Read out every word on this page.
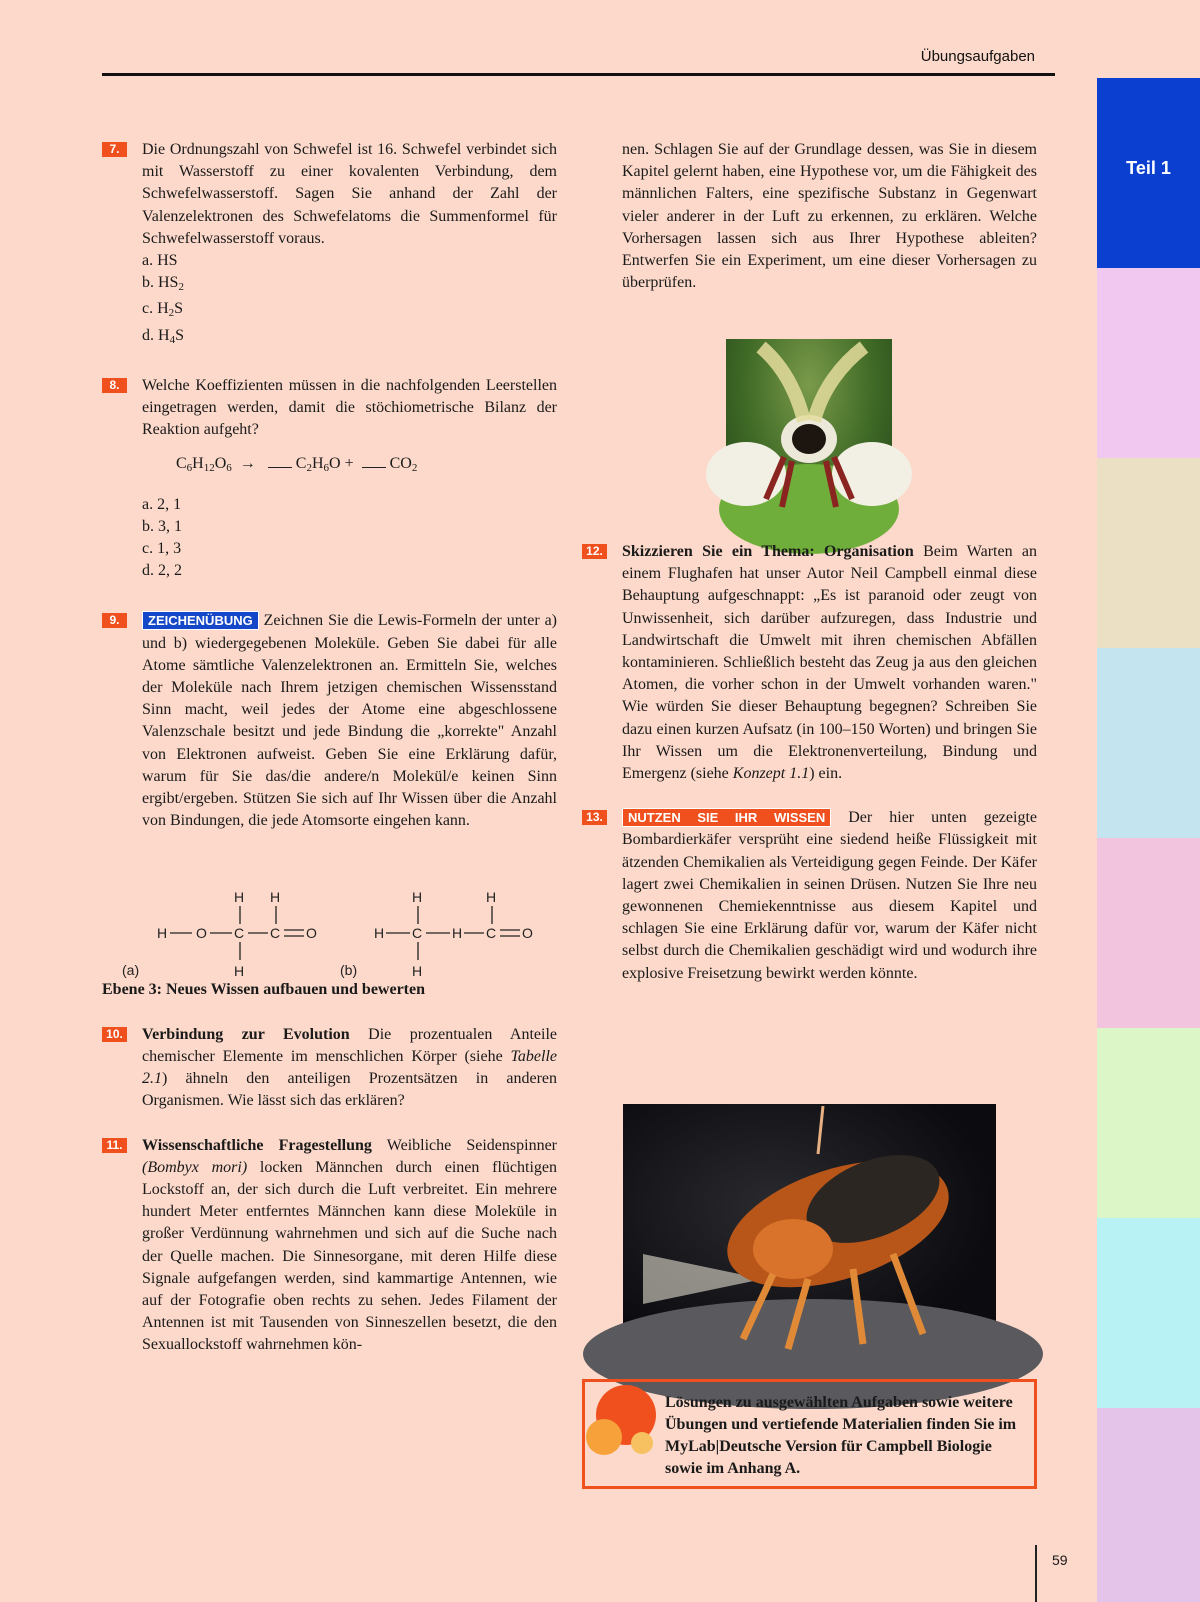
Übungsaufgaben
Teil 1
7.	Die Ordnungszahl von Schwefel ist 16. Schwefel verbindet sich mit Wasserstoff zu einer kovalenten Verbindung, dem Schwefelwasserstoff. Sagen Sie anhand der Zahl der Valenzelektronen des Schwefelatoms die Summenformel für Schwefelwasserstoff voraus.

a. HS
b. $HS_2$
c. $H_2S$
d. $H_4S$
8.	Welche Koeffizienten müssen in die nachfolgenden Leerstellen eingetragen werden, damit die stöchiometrische Bilanz der Reaktion aufgeht?

$C_6H_{12}O_6$ →	$C_2H_6O + CO_2$
a. 2, 1
b. 3, 1
c. 1, 3
d. 2, 2
9.	ZEICHENÜBUNG Zeichnen Sie die Lewis-Formeln der unter a) und b) wiedergegebenen Moleküle. Geben Sie dabei für alle Atome sämtliche Valenzelektronen an. Ermitteln Sie, welches der Moleküle nach Ihrem jetzigen chemischen Wissensstand Sinn macht, weil jedes der Atome eine abgeschlossene Valenzschale besitzt und jede Bindung die „korrekte" Anzahl von Elektronen aufweist. Geben Sie eine Erklärung dafür, warum für Sie das/die andere/n Molekül/e keinen Sinn ergibt/ergeben. Stützen Sie sich auf Ihr Wissen über die Anzahl von Bindungen, die jede Atomsorte eingehen kann.

(a)
H O C C O
H H
H	(b)
H C H C O
H	H
H
Ebene 3: Neues Wissen aufbauen und bewerten
10. Verbindung zur Evolution Die prozentualen Anteile chemischer Elemente im menschlichen Körper (siehe Tabelle 2.1) ähneln den anteiligen Prozentsätzen in anderen Organismen. Wie lässt sich das erklären?

11. Wissenschaftliche Fragestellung Weibliche Seidenspinner (Bombyx mori) locken Männchen durch einen flüchtigen Lockstoff an, der sich durch die Luft verbreitet. Ein mehrere hundert Meter entferntes Männchen kann diese Moleküle in großer Verdünnung wahrnehmen und sich auf die Suche nach der Quelle machen. Die Sinnesorgane, mit deren Hilfe diese Signale aufgefangen werden, sind kammartige Antennen, wie auf der Fotografie oben rechts zu sehen. Jedes Filament der Antennen ist mit Tausenden von Sinneszellen besetzt, die den Sexuallockstoff wahrnehmen kön-

nen. Schlagen Sie auf der Grundlage dessen, was Sie in diesem Kapitel gelernt haben, eine Hypothese vor, um die Fähigkeit des männlichen Falters, eine spezifische Substanz in Gegenwart vieler anderer in der Luft zu erkennen, zu erklären. Welche Vorhersagen lassen sich aus Ihrer Hypothese ableiten? Entwerfen Sie ein Experiment, um eine dieser Vorhersagen zu überprüfen.

12. Skizzieren Sie ein Thema: Organisation Beim Warten an einem Flughafen hat unser Autor Neil Campbell einmal diese Behauptung aufgeschnappt: „Es ist paranoid oder zeugt von Unwissenheit, sich darüber aufzuregen, dass Industrie und Landwirtschaft die Umwelt mit ihren chemischen Abfällen kontaminieren. Schließlich besteht das Zeug ja aus den gleichen Atomen, die vorher schon in der Umwelt vorhanden waren." Wie würden Sie dieser Behauptung begegnen? Schreiben Sie dazu einen kurzen Aufsatz (in 100–150 Worten) und bringen Sie Ihr Wissen um die Elektronenverteilung, Bindung und Emergenz (siehe Konzept 1.1) ein.

13.	NUTZEN SIE IHR WISSEN Der hier unten gezeigte Bombardierkäfer versprüht eine siedend heiße Flüssigkeit mit ätzenden Chemikalien als Verteidigung gegen Feinde. Der Käfer lagert zwei Chemikalien in seinen Drüsen. Nutzen Sie Ihre neu gewonnenen Chemiekenntnisse aus diesem Kapitel und schlagen Sie eine Erklärung dafür vor, warum der Käfer nicht selbst durch die Chemikalien geschädigt wird und wodurch ihre explosive Freisetzung bewirkt werden könnte.

Lösungen zu ausgewählten Aufgaben sowie weitere Übungen und vertiefende Materialien finden Sie im MyLab|Deutsche Version für Campbell Biologie sowie im Anhang A.
59
